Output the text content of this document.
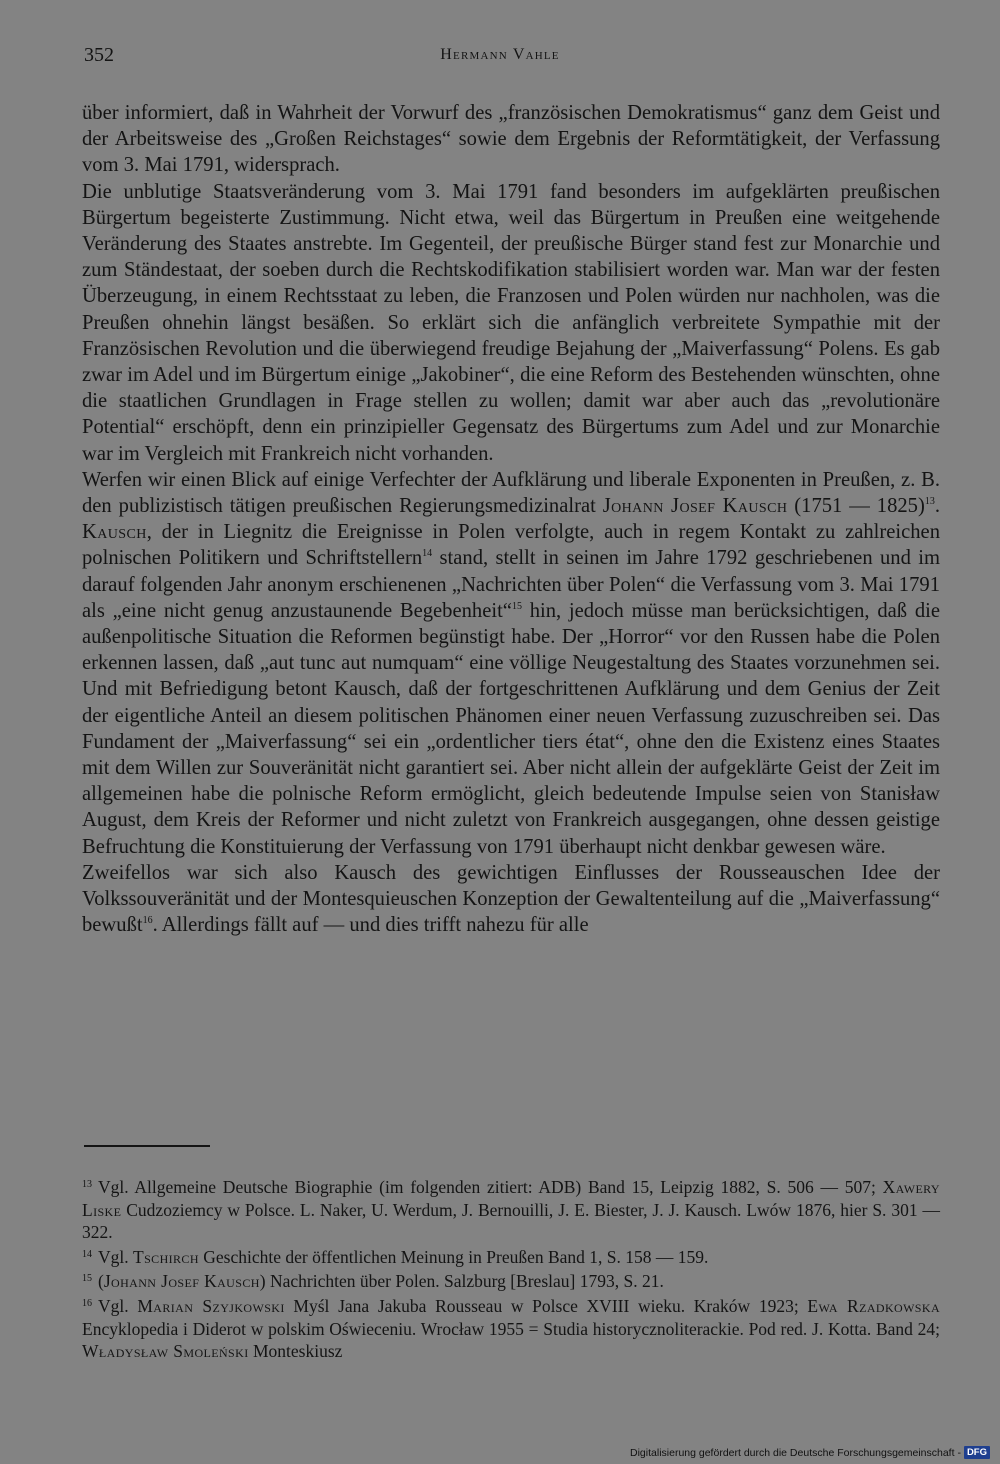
352	Hermann Vahle

über informiert, daß in Wahrheit der Vorwurf des „französischen Demokratismus“ ganz dem Geist und der Arbeitsweise des „Großen Reichstages“ sowie dem Ergebnis der Reformtätigkeit, der Verfassung vom 3. Mai 1791, widersprach.

Die unblutige Staatsveränderung vom 3. Mai 1791 fand besonders im aufgeklärten preußischen Bürgertum begeisterte Zustimmung. Nicht etwa, weil das Bürgertum in Preußen eine weitgehende Veränderung des Staates anstrebte. Im Gegenteil, der preußische Bürger stand fest zur Monarchie und zum Ständestaat, der soeben durch die Rechtskodifikation stabilisiert worden war. Man war der festen Überzeugung, in einem Rechtsstaat zu leben, die Franzosen und Polen würden nur nachholen, was die Preußen ohnehin längst besäßen. So erklärt sich die anfänglich verbreitete Sympathie mit der Französischen Revolution und die überwiegend freudige Bejahung der „Maiverfassung“ Polens. Es gab zwar im Adel und im Bürgertum einige „Jakobiner“, die eine Reform des Bestehenden wünschten, ohne die staatlichen Grundlagen in Frage stellen zu wollen; damit war aber auch das „revolutionäre Potential“ erschöpft, denn ein prinzipieller Gegensatz des Bürgertums zum Adel und zur Monarchie war im Vergleich mit Frankreich nicht vorhanden.

Werfen wir einen Blick auf einige Verfechter der Aufklärung und liberale Exponenten in Preußen, z. B. den publizistisch tätigen preußischen Regierungsmedizinalrat Johann Josef Kausch (1751 — 1825)$^{13}$. Kausch, der in Liegnitz die Ereignisse in Polen verfolgte, auch in regem Kontakt zu zahlreichen polnischen Politikern und Schriftstellern$^{14}$ stand, stellt in seinen im Jahre 1792 geschriebenen und im darauf folgenden Jahr anonym erschienenen „Nachrichten über Polen“ die Verfassung vom 3. Mai 1791 als „eine nicht genug anzustaunende Begebenheit“$^{15}$ hin, jedoch müsse man berücksichtigen, daß die außenpolitische Situation die Reformen begünstigt habe. Der „Horror“ vor den Russen habe die Polen erkennen lassen, daß „aut tunc aut numquam“ eine völlige Neugestaltung des Staates vorzunehmen sei. Und mit Befriedigung betont Kausch, daß der fortgeschrittenen Aufklärung und dem Genius der Zeit der eigentliche Anteil an diesem politischen Phänomen einer neuen Verfassung zuzuschreiben sei. Das Fundament der „Maiverfassung“ sei ein „ordentlicher tiers état“, ohne den die Existenz eines Staates mit dem Willen zur Souveränität nicht garantiert sei. Aber nicht allein der aufgeklärte Geist der Zeit im allgemeinen habe die polnische Reform ermöglicht, gleich bedeutende Impulse seien von Stanisław August, dem Kreis der Reformer und nicht zuletzt von Frankreich ausgegangen, ohne dessen geistige Befruchtung die Konstituierung der Verfassung von 1791 überhaupt nicht denkbar gewesen wäre.

Zweifellos war sich also Kausch des gewichtigen Einflusses der Rousseauschen Idee der Volkssouveränität und der Montesquieuschen Konzeption der Gewaltenteilung auf die „Maiverfassung“ bewußt$^{16}$. Allerdings fällt auf — und dies trifft nahezu für alle

$^{13}$ Vgl. Allgemeine Deutsche Biographie (im folgenden zitiert: ADB) Band 15, Leipzig 1882, S. 506 — 507; Xawery Liske Cudzoziemcy w Polsce. L. Naker, U. Werdum, J. Bernouilli, J. E. Biester, J. J. Kausch. Lwów 1876, hier S. 301 — 322.

$^{14}$ Vgl. Tschirch Geschichte der öffentlichen Meinung in Preußen Band 1, S. 158 — 159.

$^{15}$ (Johann Josef Kausch) Nachrichten über Polen. Salzburg [Breslau] 1793, S. 21.

$^{16}$ Vgl. Marian Szyjkowski Myśl Jana Jakuba Rousseau w Polsce XVIII wieku. Kraków 1923; Ewa Rzadkowska Encyklopedia i Diderot w polskim Oświeceniu. Wrocław 1955 = Studia historycznoliterackie. Pod red. J. Kotta. Band 24; Władysław Smoleński Monteskiusz

Digitalisierung gefördert durch die Deutsche Forschungsgemeinschaft - DFG
